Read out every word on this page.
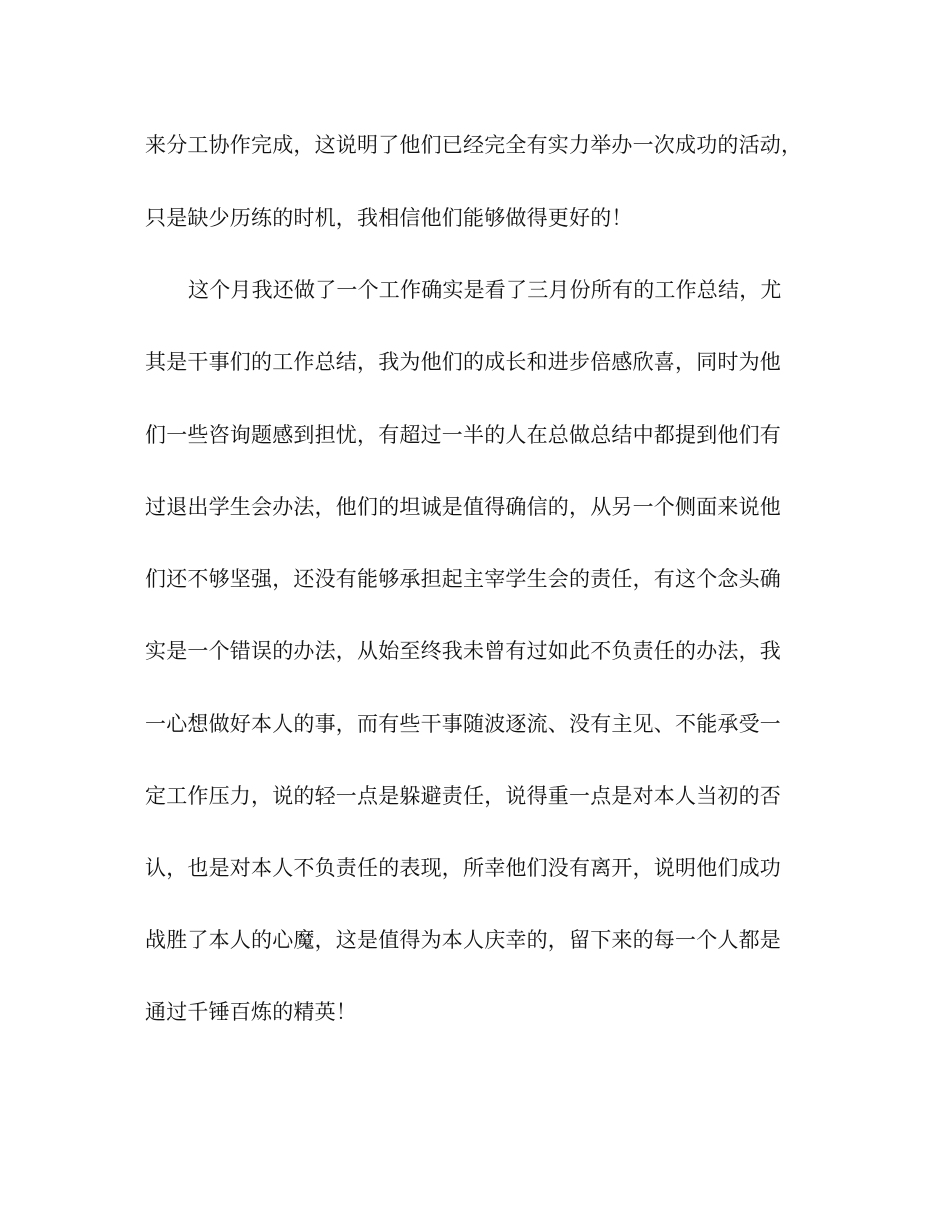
来分工协作完成，这说明了他们已经完全有实力举办一次成功的活动，
只是缺少历练的时机，我相信他们能够做得更好的！
这个月我还做了一个工作确实是看了三月份所有的工作总结，尤
其是干事们的工作总结，我为他们的成长和进步倍感欣喜，同时为他
们一些咨询题感到担忧，有超过一半的人在总做总结中都提到他们有
过退出学生会办法，他们的坦诚是值得确信的，从另一个侧面来说他
们还不够坚强，还没有能够承担起主宰学生会的责任，有这个念头确
实是一个错误的办法，从始至终我未曾有过如此不负责任的办法，我
一心想做好本人的事，而有些干事随波逐流、没有主见、不能承受一
定工作压力，说的轻一点是躲避责任，说得重一点是对本人当初的否
认，也是对本人不负责任的表现，所幸他们没有离开，说明他们成功
战胜了本人的心魔，这是值得为本人庆幸的，留下来的每一个人都是
通过千锤百炼的精英！
